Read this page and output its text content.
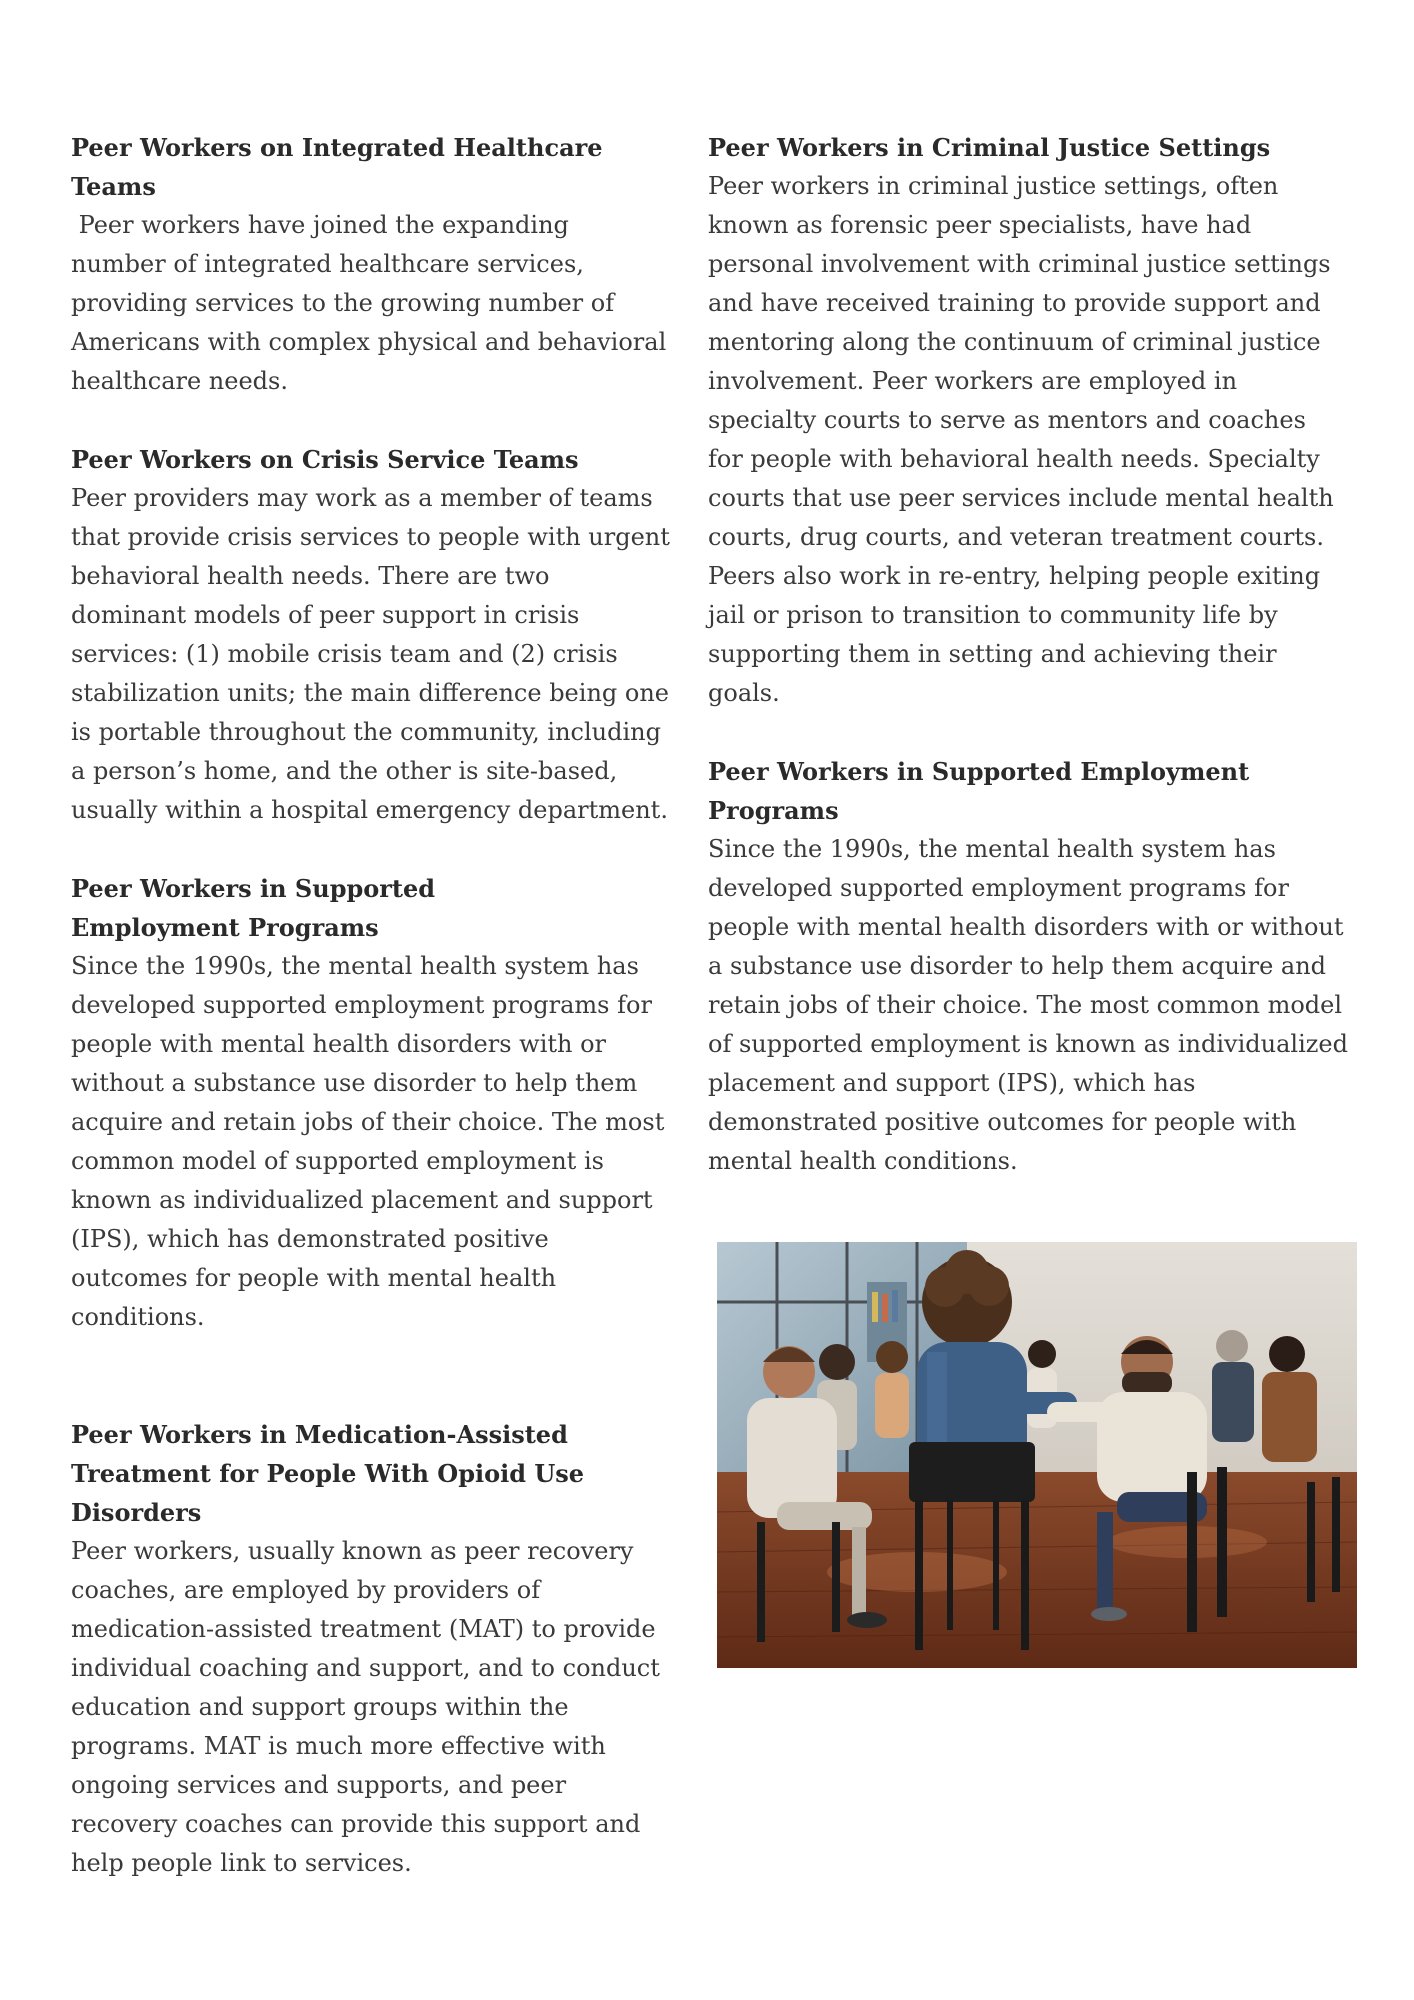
Peer Workers on Integrated Healthcare Teams

Peer workers have joined the expanding number of integrated healthcare services, providing services to the growing number of Americans with complex physical and behavioral healthcare needs.

Peer Workers on Crisis Service Teams

Peer providers may work as a member of teams that provide crisis services to people with urgent behavioral health needs. There are two dominant models of peer support in crisis services: (1) mobile crisis team and (2) crisis stabilization units; the main difference being one is portable throughout the community, including a person’s home, and the other is site-based, usually within a hospital emergency department.

Peer Workers in Supported Employment Programs

Since the 1990s, the mental health system has developed supported employment programs for people with mental health disorders with or without a substance use disorder to help them acquire and retain jobs of their choice. The most common model of supported employment is known as individualized placement and support (IPS), which has demonstrated positive outcomes for people with mental health conditions.

Peer Workers in Medication-Assisted Treatment for People With Opioid Use Disorders

Peer workers, usually known as peer recovery coaches, are employed by providers of medication-assisted treatment (MAT) to provide individual coaching and support, and to conduct education and support groups within the programs. MAT is much more effective with ongoing services and supports, and peer recovery coaches can provide this support and help people link to services.

Peer Workers in Criminal Justice Settings

Peer workers in criminal justice settings, often known as forensic peer specialists, have had personal involvement with criminal justice settings and have received training to provide support and mentoring along the continuum of criminal justice involvement. Peer workers are employed in specialty courts to serve as mentors and coaches for people with behavioral health needs. Specialty courts that use peer services include mental health courts, drug courts, and veteran treatment courts. Peers also work in re-entry, helping people exiting jail or prison to transition to community life by supporting them in setting and achieving their goals.

Peer Workers in Supported Employment Programs

Since the 1990s, the mental health system has developed supported employment programs for people with mental health disorders with or without a substance use disorder to help them acquire and retain jobs of their choice. The most common model of supported employment is known as individualized placement and support (IPS), which has demonstrated positive outcomes for people with mental health conditions.
